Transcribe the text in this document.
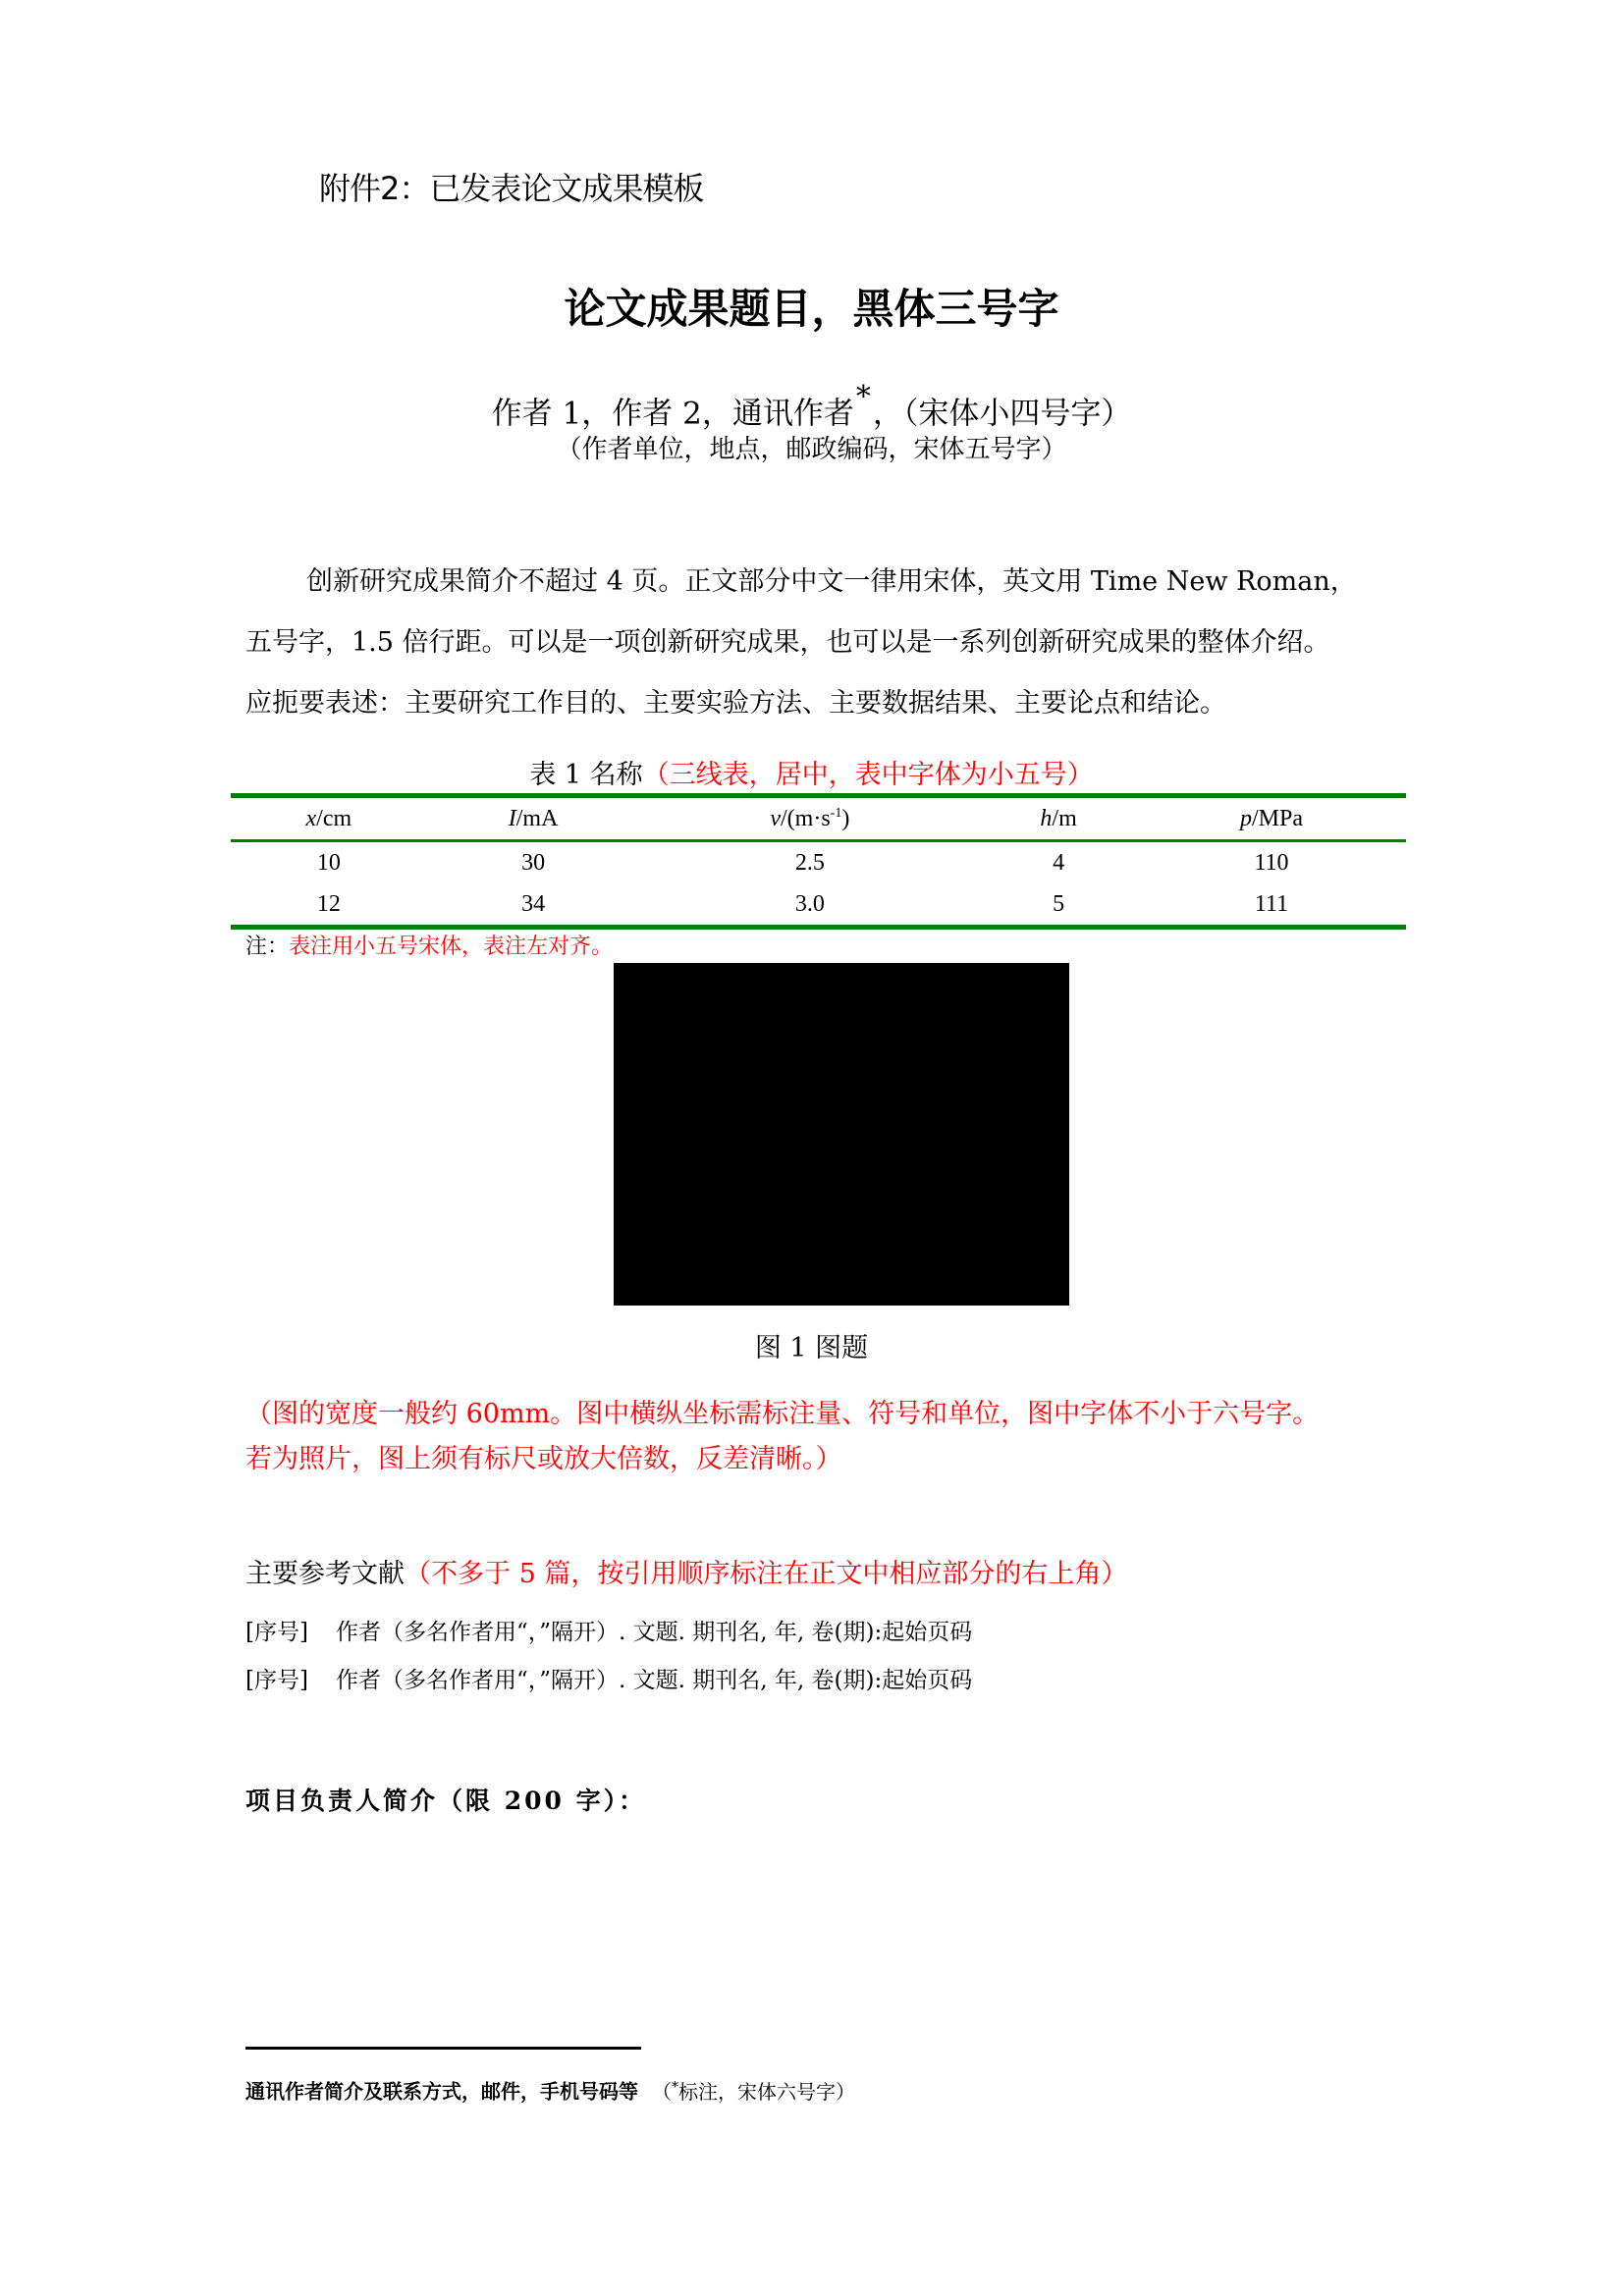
附件2：已发表论文成果模板
论文成果题目，黑体三号字
作者 1，作者 2，通讯作者*，（宋体小四号字）
（作者单位，地点，邮政编码，宋体五号字）

创新研究成果简介不超过 4 页。正文部分中文一律用宋体，英文用 Time New Roman，

五号字，1.5 倍行距。可以是一项创新研究成果，也可以是一系列创新研究成果的整体介绍。

应扼要表述：主要研究工作目的、主要实验方法、主要数据结果、主要论点和结论。

表 1 名称（三线表，居中，表中字体为小五号）
x/cm	I/mA	$v/(m\cdot s^{-1})$	h/m	p/MPa
10	30	2.5	4	110
12	34	3.0	5	111
注：表注用小五号宋体，表注左对齐。
图 1 图题

（图的宽度一般约 60mm。图中横纵坐标需标注量、符号和单位，图中字体不小于六号字。

若为照片，图上须有标尺或放大倍数，反差清晰。）

主要参考文献（不多于 5 篇，按引用顺序标注在正文中相应部分的右上角）
[序号] 作者（多名作者用“，”隔开）. 文题. 期刊名, 年, 卷(期):起始页码
[序号] 作者（多名作者用“，”隔开）. 文题. 期刊名, 年, 卷(期):起始页码
项目负责人简介（限 200 字）：
通讯作者简介及联系方式，邮件，手机号码等 （*标注，宋体六号字）
